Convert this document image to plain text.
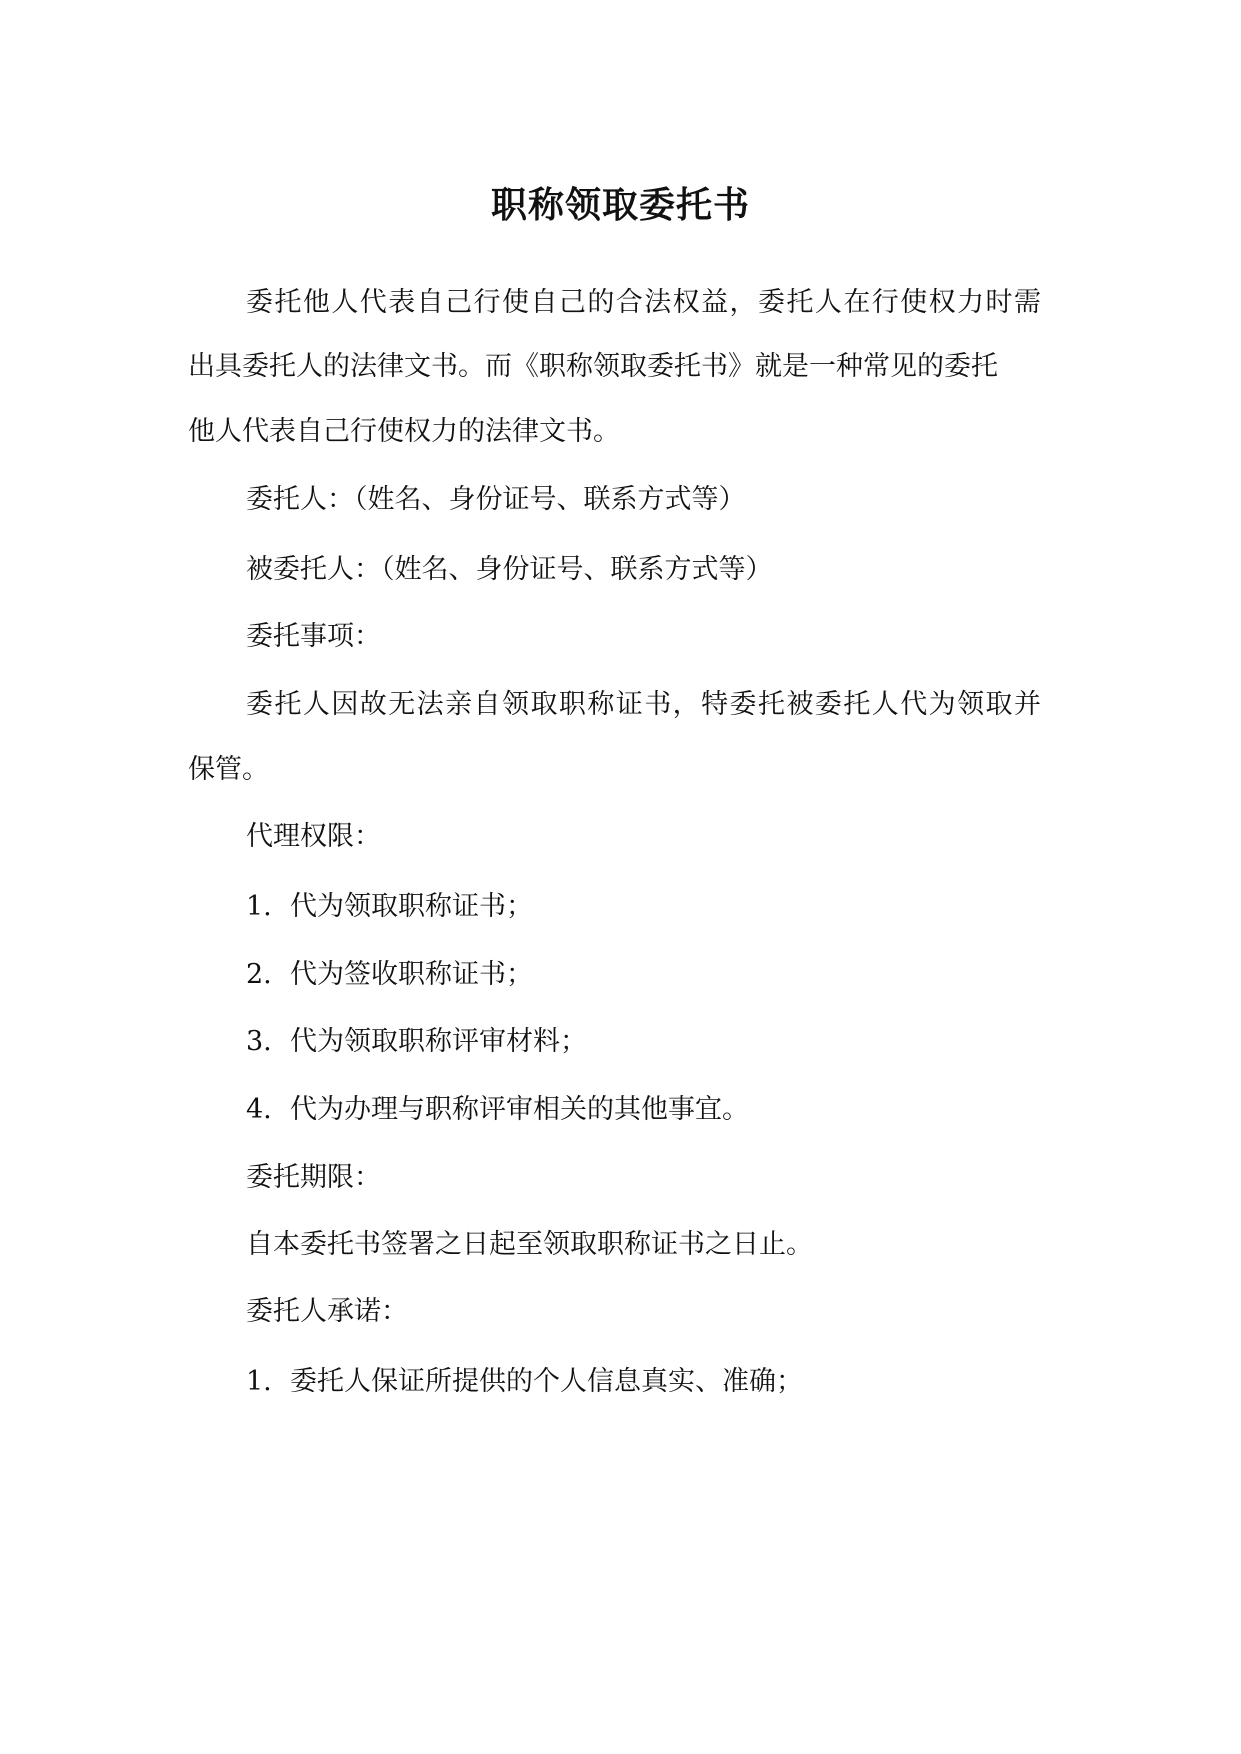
职称领取委托书
委托他人代表自己行使自己的合法权益，委托人在行使权力时需
出具委托人的法律文书。而《职称领取委托书》就是一种常见的委托
他人代表自己行使权力的法律文书。
委托人：（姓名、身份证号、联系方式等）
被委托人：（姓名、身份证号、联系方式等）
委托事项：
委托人因故无法亲自领取职称证书，特委托被委托人代为领取并
保管。
代理权限：
1. 代为领取职称证书；
2. 代为签收职称证书；
3. 代为领取职称评审材料；
4. 代为办理与职称评审相关的其他事宜。
委托期限：
自本委托书签署之日起至领取职称证书之日止。
委托人承诺：
1. 委托人保证所提供的个人信息真实、准确；
